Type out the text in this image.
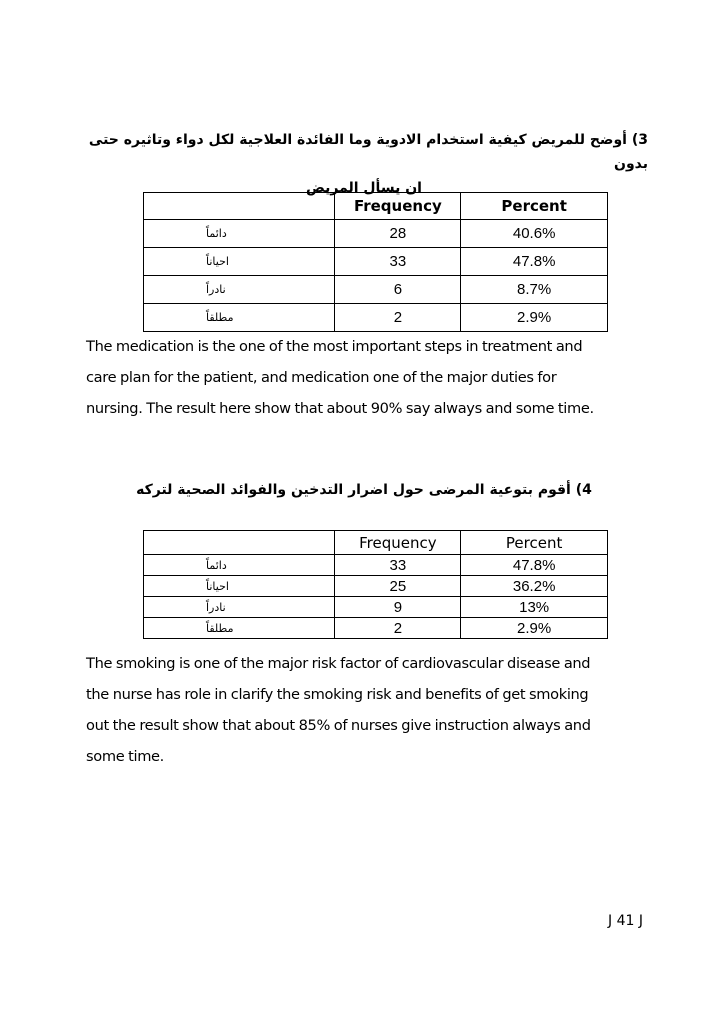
3) أوضح للمريض كيفية استخدام الادوية وما الفائدة العلاجية لكل دواء وتاثيره حتى بدون
ان يسأل المريض
	Frequency	Percent
دائماً	28	40.6%
احياناً	33	47.8%
نادراً	6	8.7%
مطلقاً	2	2.9%
The medication is the one of the most important steps in treatment and
care plan for the patient, and medication one of the major duties for
nursing. The result here show that about 90% say always and some time.
4) أقوم بتوعية المرضى حول اضرار التدخين والفوائد الصحية لتركه
	Frequency	Percent
دائماً	33	47.8%
احياناً	25	36.2%
نادراً	9	13%
مطلقاً	2	2.9%
The smoking is one of the major risk factor of cardiovascular disease and
the nurse has role in clarify the smoking risk and benefits of get smoking
out the result show that about 85% of nurses give instruction always and
some time.
J 41 J
